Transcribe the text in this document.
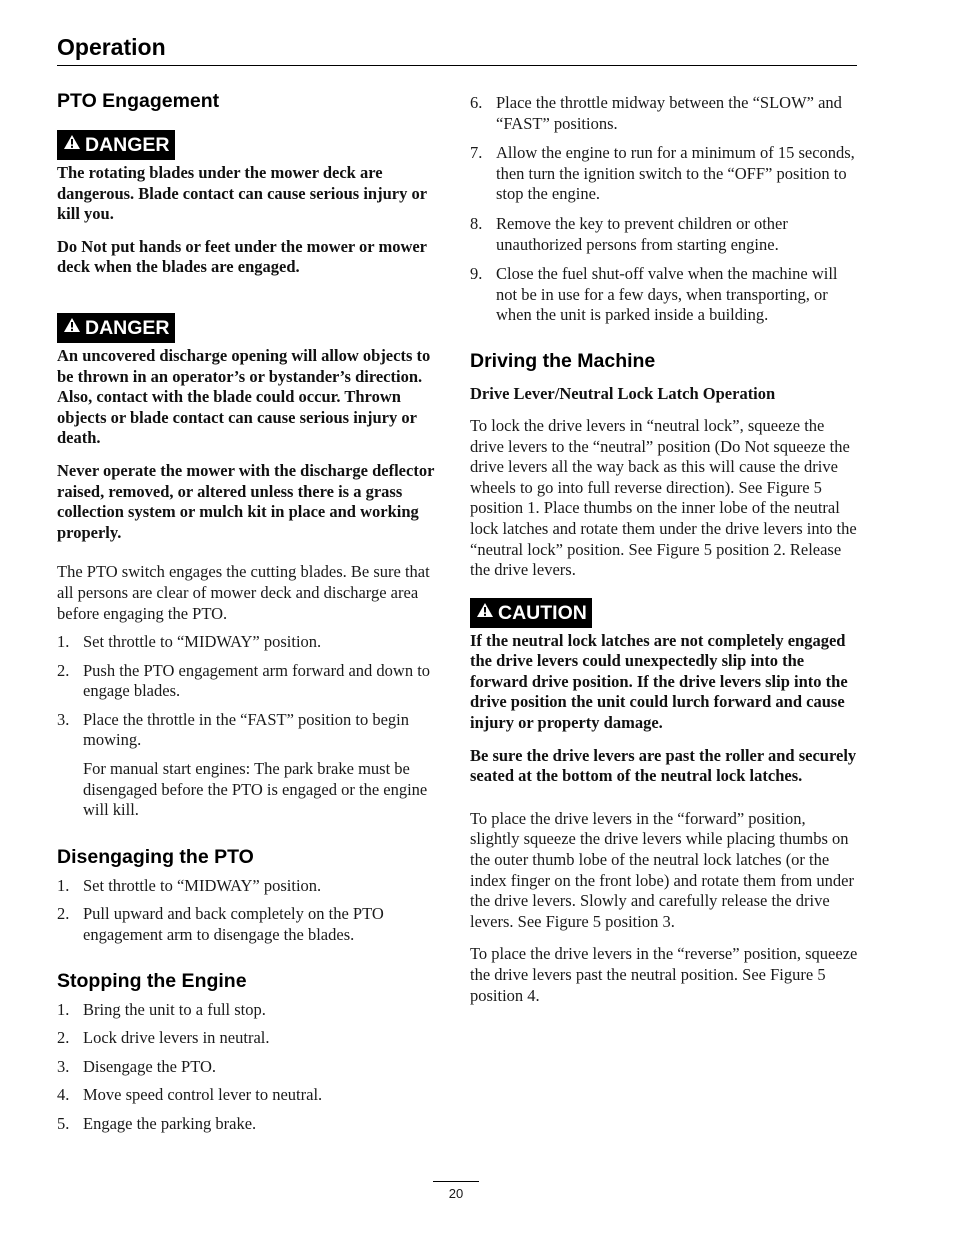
Operation
PTO Engagement
DANGER

The rotating blades under the mower deck are dangerous. Blade contact can cause serious injury or kill you.

Do Not put hands or feet under the mower or mower deck when the blades are engaged.

DANGER

An uncovered discharge opening will allow objects to be thrown in an operator’s or bystander’s direction. Also, contact with the blade could occur. Thrown objects or blade contact can cause serious injury or death.

Never operate the mower with the discharge deflector raised, removed, or altered unless there is a grass collection system or mulch kit in place and working properly.

The PTO switch engages the cutting blades. Be sure that all persons are clear of mower deck and discharge area before engaging the PTO.

1. Set throttle to “MIDWAY” position.
2. Push the PTO engagement arm forward and down to engage blades.
3. Place the throttle in the “FAST” position to begin mowing.

For manual start engines: The park brake must be disengaged before the PTO is engaged or the engine will kill.

Disengaging the PTO
1. Set throttle to “MIDWAY” position.
2. Pull upward and back completely on the PTO engagement arm to disengage the blades.
Stopping the Engine
1. Bring the unit to a full stop.
2. Lock drive levers in neutral.
3. Disengage the PTO.
4. Move speed control lever to neutral.
5. Engage the parking brake.
6. Place the throttle midway between the “SLOW” and “FAST” positions.
7. Allow the engine to run for a minimum of 15 seconds, then turn the ignition switch to the “OFF” position to stop the engine.
8. Remove the key to prevent children or other unauthorized persons from starting engine.
9. Close the fuel shut-off valve when the machine will not be in use for a few days, when transporting, or when the unit is parked inside a building.
Driving the Machine
Drive Lever/Neutral Lock Latch Operation

To lock the drive levers in “neutral lock”, squeeze the drive levers to the “neutral” position (Do Not squeeze the drive levers all the way back as this will cause the drive wheels to go into full reverse direction). See Figure 5 position 1. Place thumbs on the inner lobe of the neutral lock latches and rotate them under the drive levers into the “neutral lock” position. See Figure 5 position 2. Release the drive levers.

CAUTION

If the neutral lock latches are not completely engaged the drive levers could unexpectedly slip into the forward drive position. If the drive levers slip into the drive position the unit could lurch forward and cause injury or property damage.

Be sure the drive levers are past the roller and securely seated at the bottom of the neutral lock latches.

To place the drive levers in the “forward” position, slightly squeeze the drive levers while placing thumbs on the outer thumb lobe of the neutral lock latches (or the index finger on the front lobe) and rotate them from under the drive levers. Slowly and carefully release the drive levers. See Figure 5 position 3.

To place the drive levers in the “reverse” position, squeeze the drive levers past the neutral position. See Figure 5 position 4.

20
